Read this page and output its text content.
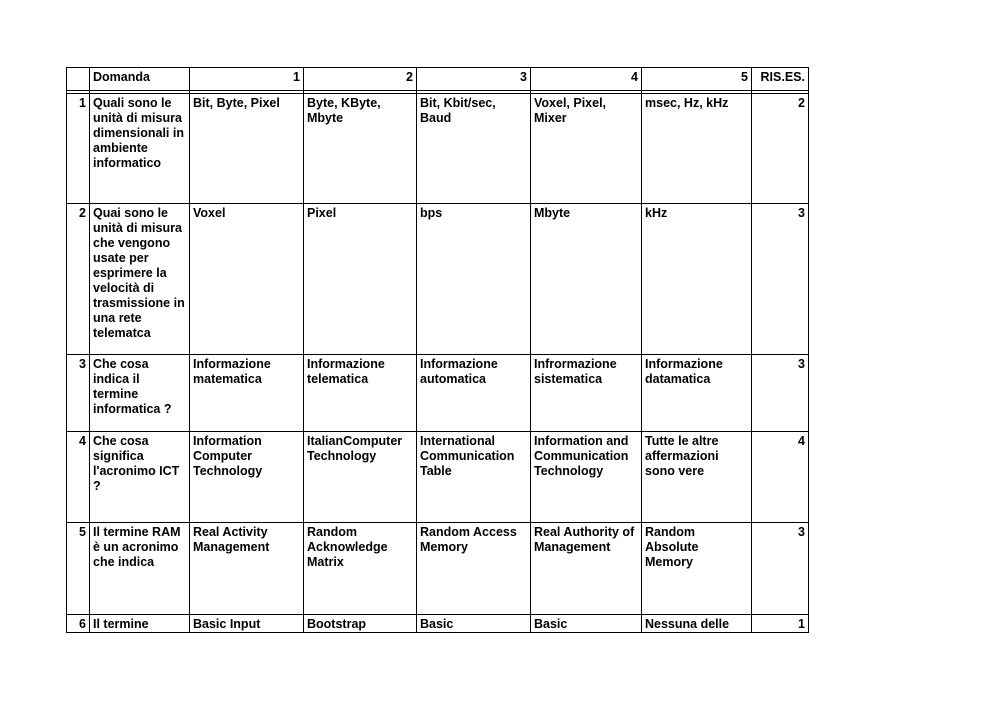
	Domanda	1	2	3	4	5	RIS.ES.

1	Quali sono le unità di misura dimensionali in ambiente informatico	Bit, Byte, Pixel	Byte, KByte, Mbyte	Bit, Kbit/sec, Baud	Voxel, Pixel, Mixer	msec, Hz, kHz	2
2	Quai sono le unità di misura che vengono usate per esprimere la velocità di trasmissione in una rete telematca	Voxel	Pixel	bps	Mbyte	kHz	3
3	Che cosa indica il termine informatica ?	Informazione matematica	Informazione telematica	Informazione automatica	Infrormazione sistematica	Informazione datamatica	3
4	Che cosa significa l'acronimo ICT ?	Information Computer Technology	ItalianComputer Technology	International Communication Table	Information and Communication Technology	Tutte le altre affermazioni sono vere	4
5	Il termine RAM è un acronimo che indica	Real Activity Management	Random Acknowledge Matrix	Random Access Memory	Real Authority of Management	Random Absolute Memory	3
6	Il termine	Basic Input	Bootstrap	Basic	Basic	Nessuna delle	1
